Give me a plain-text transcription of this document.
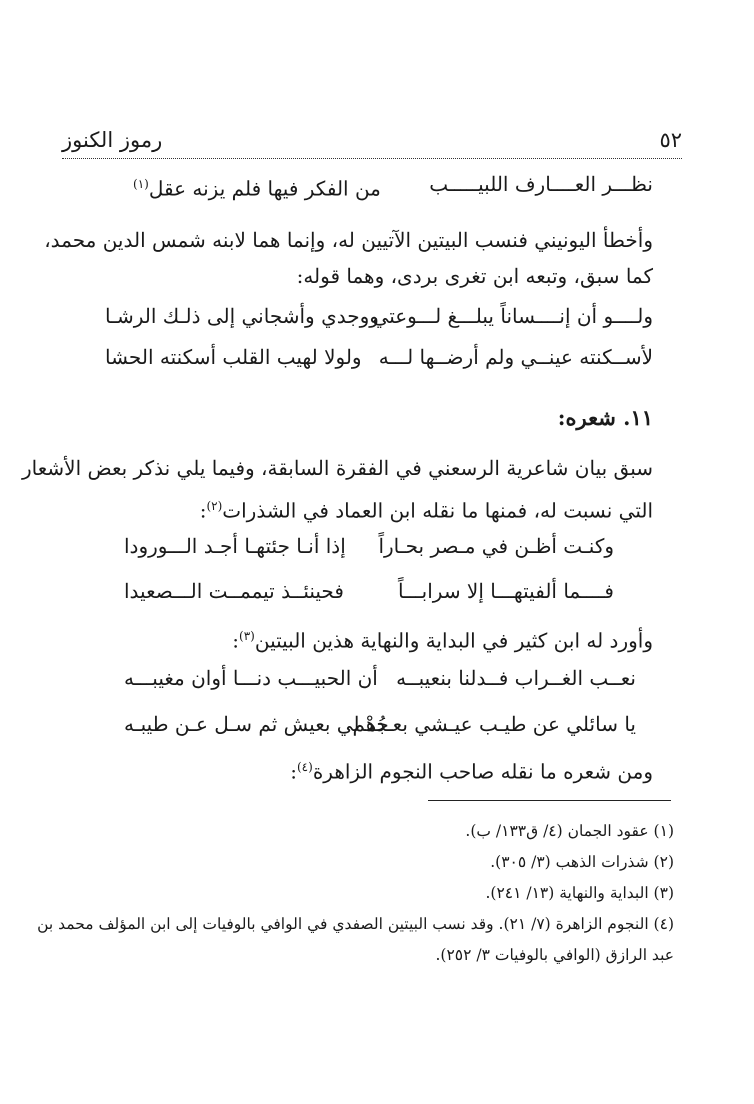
٥٢
رموز الكنوز
نظـــر العــــارف اللبيـــــب
من الفكر فيها فلم يزنه عقل$^{(١)}$
وأخطأ اليونيني فنسب البيتين الآتيين له، وإنما هما لابنه شمس الدين محمد،
كما سبق، وتبعه ابن تغرى بردى، وهما قوله:
ولــــو أن إنــــساناً يبلـــغ لـــوعتي
ووجدي وأشجاني إلى ذلـك الرشـا
لأســكنته عينــي ولم أرضــها لـــه
ولولا لهيب القلب أسكنته الحشا
١١. شعره:
سبق بيان شاعرية الرسعني في الفقرة السابقة، وفيما يلي نذكر بعض الأشعار
التي نسبت له، فمنها ما نقله ابن العماد في الشذرات$^{(٢)}$:
وكنـت أظـن في مـصر بحـاراً
إذا أنـا جئتهـا أجـد الـــورودا
فــــما ألفيتهـــا إلا سرابـــاً
فحينئــذ تيممــت الـــصعيدا
وأورد له ابن كثير في البداية والنهاية هذين البيتين$^{(٣)}$:
نعــب الغــراب فــدلنا بنعيبــه
أن الحبيـــب دنـــا أوان مغيبـــه
يا سائلي عن طيـب عيـشي بعـدهم
جُدْ لي بعيش ثم سـل عـن طيبـه
ومن شعره ما نقله صاحب النجوم الزاهرة$^{(٤)}$:
(١) عقود الجمان (٤/ ق١٣٣/ ب).
(٢) شذرات الذهب (٣/ ٣٠٥).
(٣) البداية والنهاية (١٣/ ٢٤١).
(٤) النجوم الزاهرة (٧/ ٢١). وقد نسب البيتين الصفدي في الوافي بالوفيات إلى ابن المؤلف محمد بن
عبد الرازق (الوافي بالوفيات ٣/ ٢٥٢).
